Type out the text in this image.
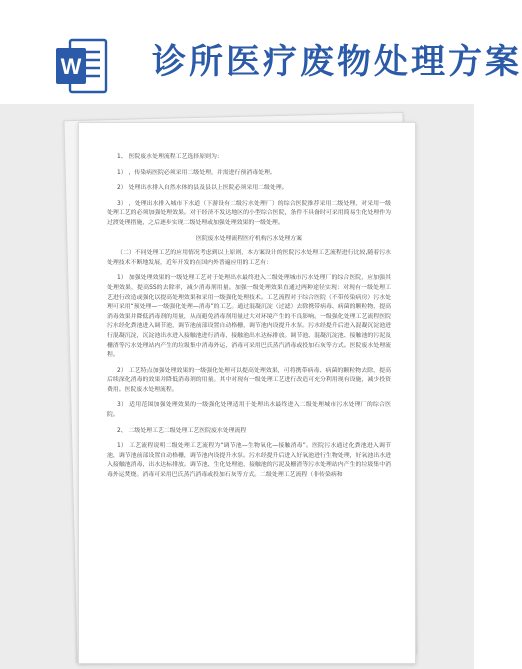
W 诊所医疗废物处理方案

1、 医院废水处理流程工艺选择原则为：

1） ，传染病医院必须采用二级处理，并需进行预消毒处理。

2） 处理出水排入自然水体的县及县以上医院必须采用二级处理。

3） ，处理出水排入城市下水道（下游设有二级污水处理厂）的综合医院推荐采用二级处理，对采用一级处理工艺的必须加强处理效果。对于经济不发达地区的小型综合医院，条件不具备时可采用简易生化处理作为过渡处理措施，之后逐步实现二级处理或加强处理效果的一级处理。

医院废水处理流程医疗机构污水处理方案

（二）不同处理工艺的应用情况考虑到以上原则，本方案设计的医院污水处理工艺流程进行比较,随着污水处理技术不断地发展，近年开发的在国内外普遍应用的工艺有：

1） 加强处理效果的一级处理工艺对于处理出水最终进入二级处理城市污水处理厂的综合医院，应加强其处理效果，提高SS的去除率，减少消毒剂用量。加强一级处理效果直通过两种途径实现：对现有一级处理工艺进行改造或强化以提高处理效果和采用一级强化处理技术。工艺流程对于综合医院（不带传染病房）污水处理可采用“预处理—一级强化处理—消毒”的工艺。通过混凝沉淀（过滤）去除携带病毒、病菌的颗粒物，提高消毒效果并降低消毒剂的用量，从而避免消毒剂用量过大对环境产生的不良影响。一级强化处理工艺流程医院污水经化粪池进入调节池，调节池前部设置自动格栅，调节池内设提升水泵。污水经提升后进入混凝沉淀池进行混凝沉淀，沉淀池出水进入接触池进行消毒，接触池出水达标排放。调节池、混凝沉淀池、接触池的污泥及栅渣等污水处理站内产生的垃圾集中消毒外运，消毒可采用巴氏蒸汽消毒或投加石灰等方式。医院废水处理流程。

2） 工艺特点加强处理效果的一级强化处理可以提高处理效果，可将携带病毒、病菌的颗粒物去除，提高后续深化消毒的效果并降低消毒剂的用量。其中对现有一级处理工艺进行改造可充分利用现有设施，减少投资费用。医院废水处理流程。

3） 适用范围加强处理效果的一级强化处理适用于处理出水最终进入二级处理城市污水处理厂的综合医院。

2、 二级处理工艺二级处理工艺医院废水处理流程

1） 工艺流程说明二级处理工艺流程为“调节池—生物氧化—接触消毒”。医院污水通过化粪池进入调节池，调节池前部设置自动格栅，调节池内设提升水泵。污水经提升后进入好氧池进行生物处理，好氧池出水进入接触池消毒，出水达标排放。调节池、生化处理池、接触池的污泥及栅渣等污水处理站内产生的垃圾集中消毒外运焚烧。消毒可采用巴氏蒸汽消毒或投加石灰等方式。二级处理工艺流程（非传染病和
